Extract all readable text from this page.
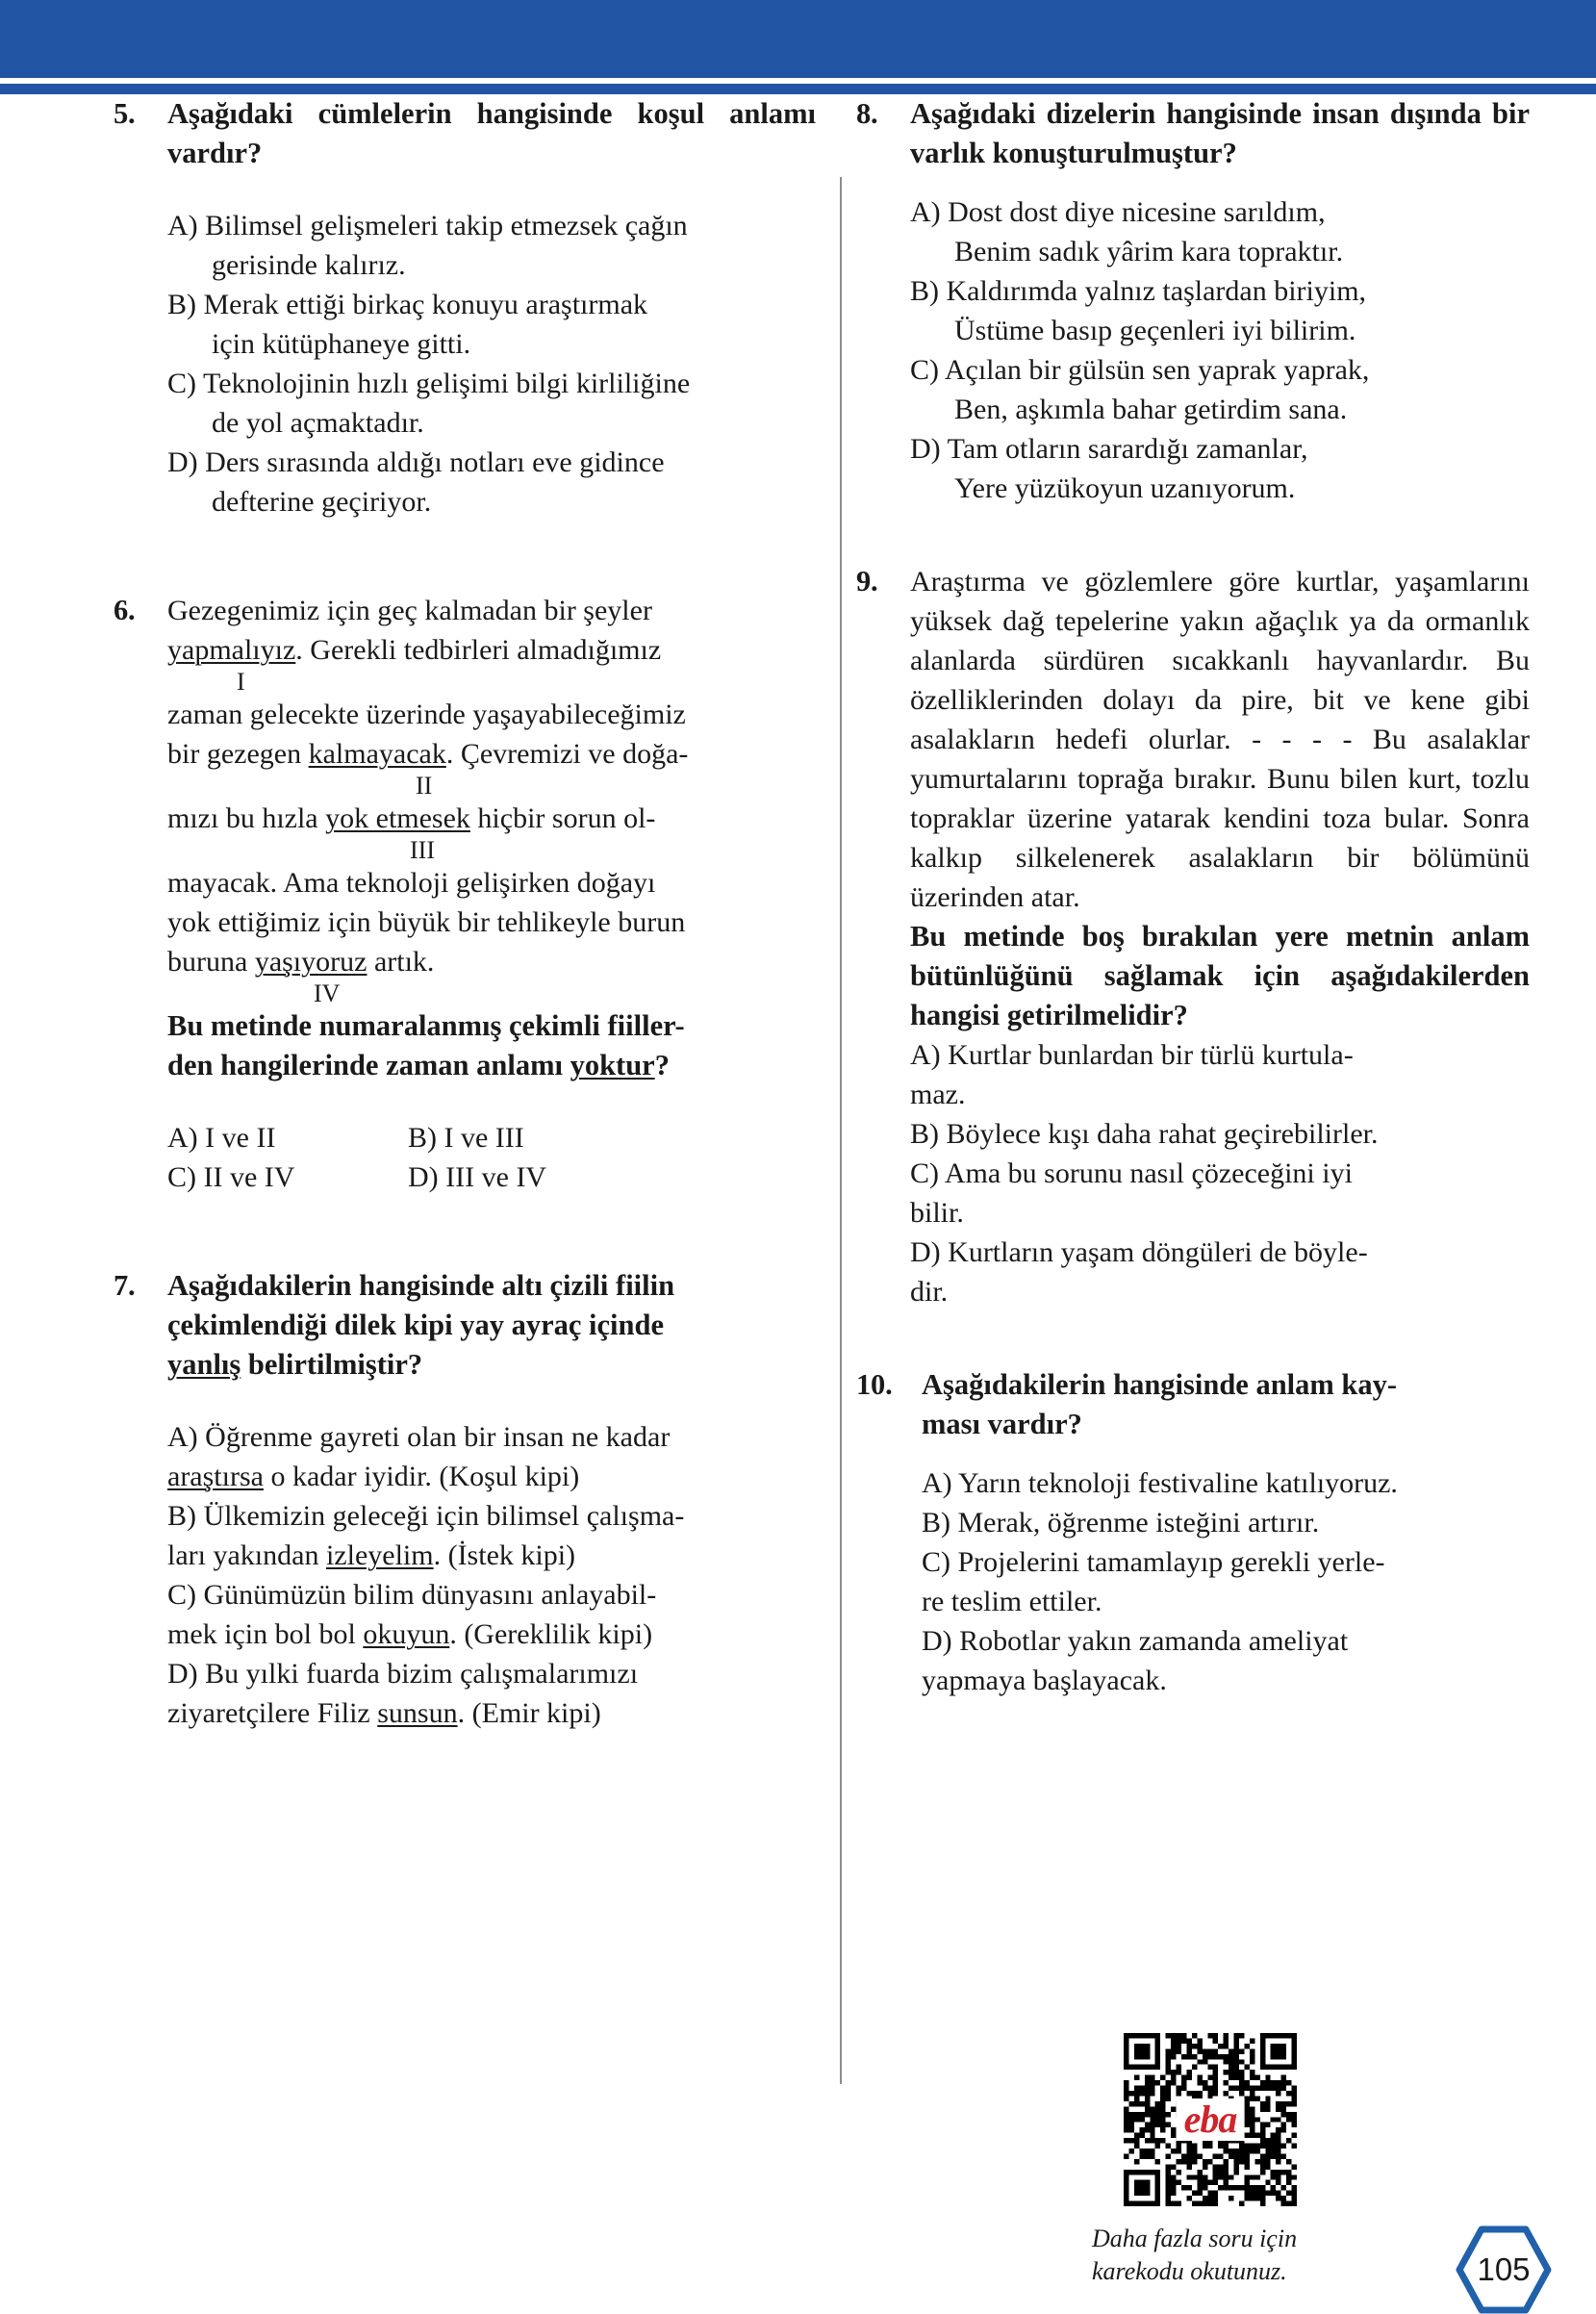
5.	Aşağıdaki cümlelerin hangisinde koşul anlamı vardır?

A) Bilimsel gelişmeleri takip etmezsek çağın
gerisinde kalırız.
B) Merak ettiği birkaç konuyu araştırmak
için kütüphaneye gitti.
C) Teknolojinin hızlı gelişimi bilgi kirliliğine
de yol açmaktadır.
D) Ders sırasında aldığı notları eve gidince
defterine geçiriyor.
6.	Gezegenimiz için geç kalmadan bir şeyler
yapmalıyız. Gerekli tedbirleri almadığımız

I

zaman gelecekte üzerinde yaşayabileceğimiz
bir gezegen kalmayacak. Çevremizi ve doğa-

II

mızı bu hızla yok etmesek hiçbir sorun ol-

III

mayacak. Ama teknoloji gelişirken doğayı
yok ettiğimiz için büyük bir tehlikeyle burun
buruna yaşıyoruz artık.

IV

Bu metinde numaralanmış çekimli fiiller-
den hangilerinde zaman anlamı yoktur?

A) I ve II	B) I ve III
C) II ve IV	D) III ve IV
7.	Aşağıdakilerin hangisinde altı çizili fiilin
çekimlendiği dilek kipi yay ayraç içinde
yanlış belirtilmiştir?

A) Öğrenme gayreti olan bir insan ne kadar
araştırsa o kadar iyidir. (Koşul kipi)
B) Ülkemizin geleceği için bilimsel çalışma-
ları yakından izleyelim. (İstek kipi)
C) Günümüzün bilim dünyasını anlayabil-
mek için bol bol okuyun. (Gereklilik kipi)
D) Bu yılki fuarda bizim çalışmalarımızı
ziyaretçilere Filiz sunsun. (Emir kipi)
8.	Aşağıdaki dizelerin hangisinde insan dışında bir varlık konuşturulmuştur?

A) Dost dost diye nicesine sarıldım,
Benim sadık yârim kara topraktır.
B) Kaldırımda yalnız taşlardan biriyim,
Üstüme basıp geçenleri iyi bilirim.
C) Açılan bir gülsün sen yaprak yaprak,
Ben, aşkımla bahar getirdim sana.
D) Tam otların sarardığı zamanlar,
Yere yüzükoyun uzanıyorum.
9.	Araştırma ve gözlemlere göre kurtlar, yaşamlarını yüksek dağ tepelerine yakın ağaçlık ya da ormanlık alanlarda sürdüren sıcakkanlı hayvanlardır. Bu özelliklerinden dolayı da pire, bit ve kene gibi asalakların hedefi olurlar. - - - - Bu asalaklar yumurtalarını toprağa bırakır. Bunu bilen kurt, tozlu topraklar üzerine yatarak kendini toza bular. Sonra kalkıp silkelenerek asalakların bir bölümünü üzerinden atar.

Bu metinde boş bırakılan yere metnin anlam bütünlüğünü sağlamak için aşağıdakilerden hangisi getirilmelidir?

A) Kurtlar bunlardan bir türlü kurtula-
maz.
B) Böylece kışı daha rahat geçirebilirler.
C) Ama bu sorunu nasıl çözeceğini iyi
bilir.
D) Kurtların yaşam döngüleri de böyle-
dir.
10. Aşağıdakilerin hangisinde anlam kay-
ması vardır?

A) Yarın teknoloji festivaline katılıyoruz.
B) Merak, öğrenme isteğini artırır.
C) Projelerini tamamlayıp gerekli yerle-
re teslim ettiler.
D) Robotlar yakın zamanda ameliyat
yapmaya başlayacak.
eba
Daha fazla soru için
karekodu okutunuz.	105
